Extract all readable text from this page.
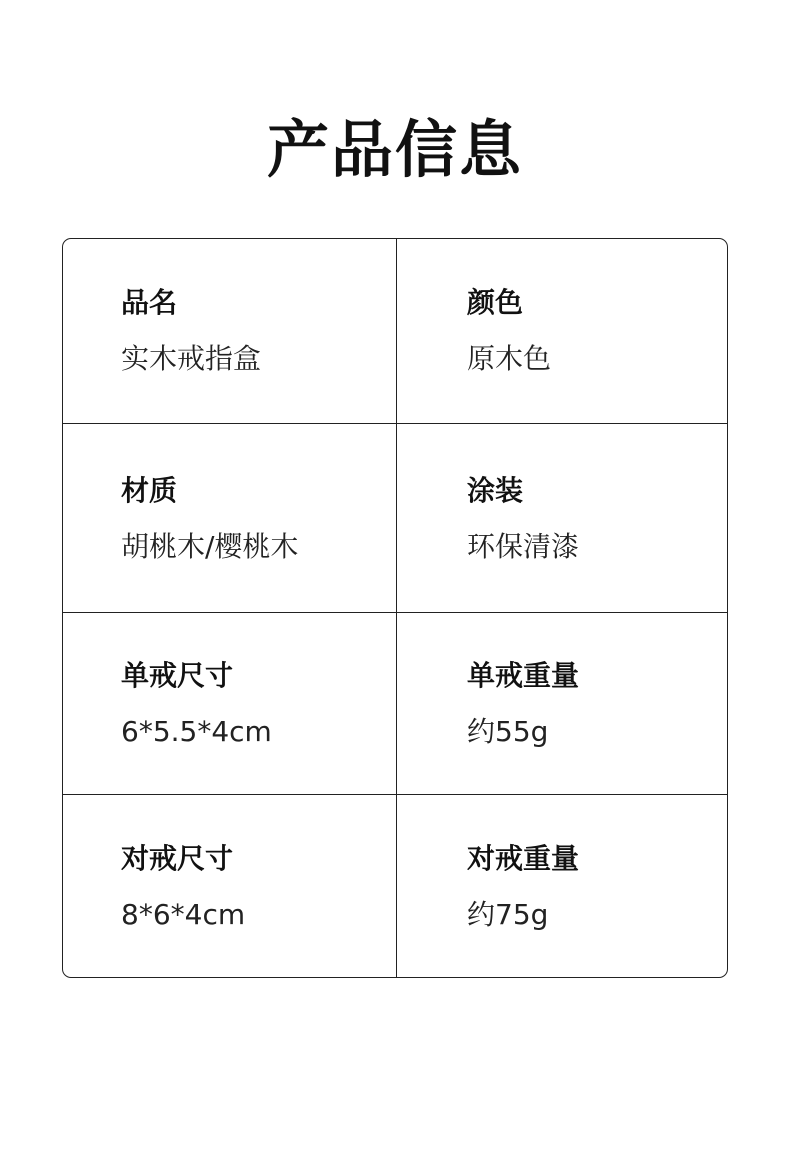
产品信息
品名
实木戒指盒
颜色
原木色
材质
胡桃木/樱桃木
涂装
环保清漆
单戒尺寸
6*5.5*4cm
单戒重量
约55g
对戒尺寸
8*6*4cm
对戒重量
约75g
